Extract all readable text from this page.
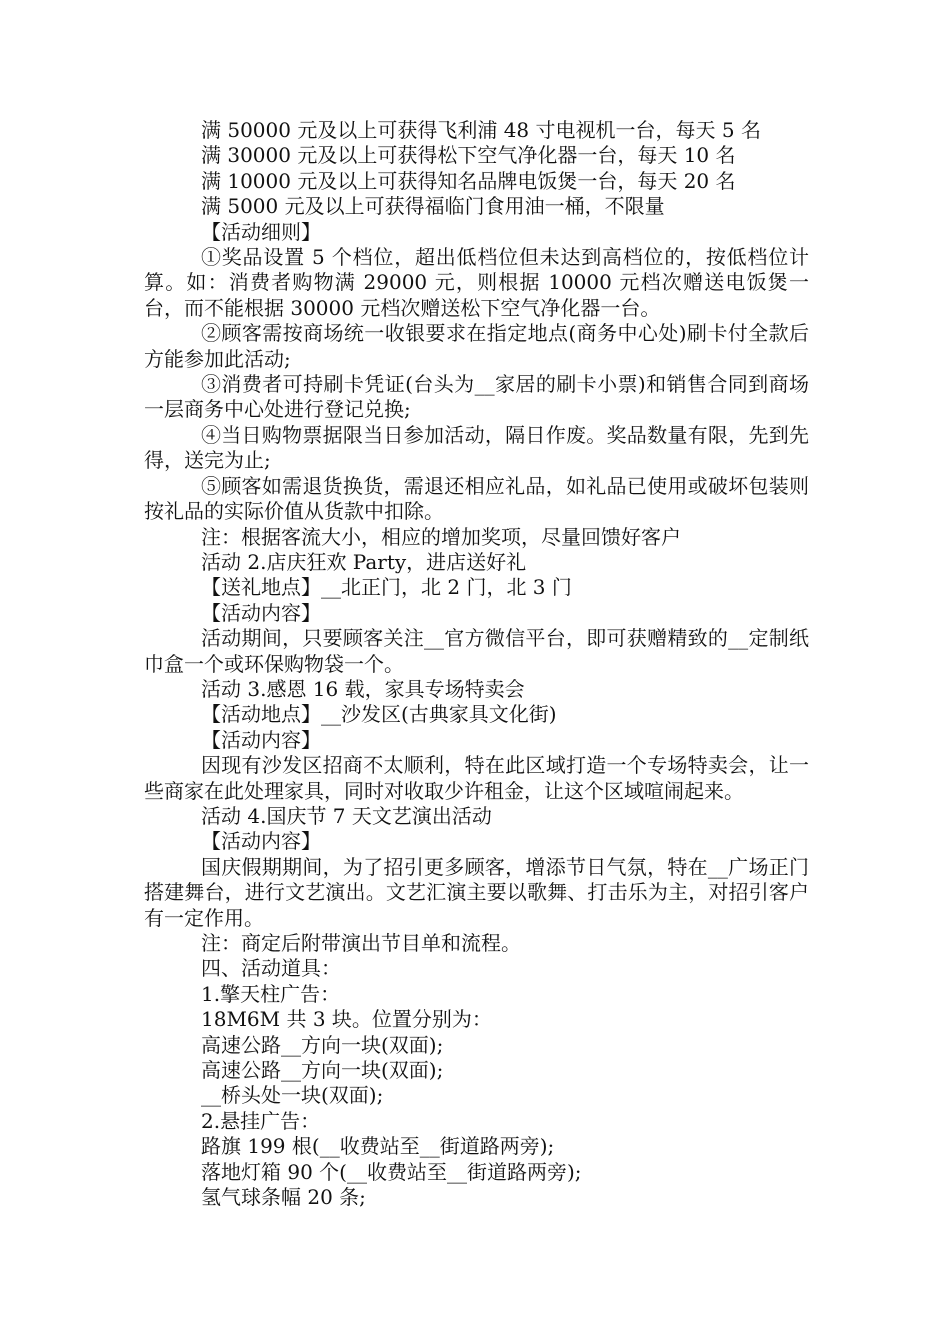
满 50000 元及以上可获得飞利浦 48 寸电视机一台，每天 5 名

满 30000 元及以上可获得松下空气净化器一台，每天 10 名

满 10000 元及以上可获得知名品牌电饭煲一台，每天 20 名

满 5000 元及以上可获得福临门食用油一桶，不限量

【活动细则】

①奖品设置 5 个档位，超出低档位但未达到高档位的，按低档位计算。如：消费者购物满 29000 元，则根据 10000 元档次赠送电饭煲一台，而不能根据 30000 元档次赠送松下空气净化器一台。

②顾客需按商场统一收银要求在指定地点(商务中心处)刷卡付全款后方能参加此活动;

③消费者可持刷卡凭证(台头为__家居的刷卡小票)和销售合同到商场一层商务中心处进行登记兑换;

④当日购物票据限当日参加活动，隔日作废。奖品数量有限，先到先得，送完为止;

⑤顾客如需退货换货，需退还相应礼品，如礼品已使用或破坏包装则按礼品的实际价值从货款中扣除。

注：根据客流大小，相应的增加奖项，尽量回馈好客户

活动 2.店庆狂欢 Party，进店送好礼

【送礼地点】__北正门，北 2 门，北 3 门

【活动内容】

活动期间，只要顾客关注__官方微信平台，即可获赠精致的__定制纸巾盒一个或环保购物袋一个。

活动 3.感恩 16 载，家具专场特卖会

【活动地点】__沙发区(古典家具文化街)

【活动内容】

因现有沙发区招商不太顺利，特在此区域打造一个专场特卖会，让一些商家在此处理家具，同时对收取少许租金，让这个区域喧闹起来。

活动 4.国庆节 7 天文艺演出活动

【活动内容】

国庆假期期间，为了招引更多顾客，增添节日气氛，特在__广场正门搭建舞台，进行文艺演出。文艺汇演主要以歌舞、打击乐为主，对招引客户有一定作用。

注：商定后附带演出节目单和流程。

四、活动道具：

1.擎天柱广告：

18M6M 共 3 块。位置分别为：

高速公路__方向一块(双面);

高速公路__方向一块(双面);

__桥头处一块(双面);

2.悬挂广告：

路旗 199 根(__收费站至__街道路两旁);

落地灯箱 90 个(__收费站至__街道路两旁);

氢气球条幅 20 条;
